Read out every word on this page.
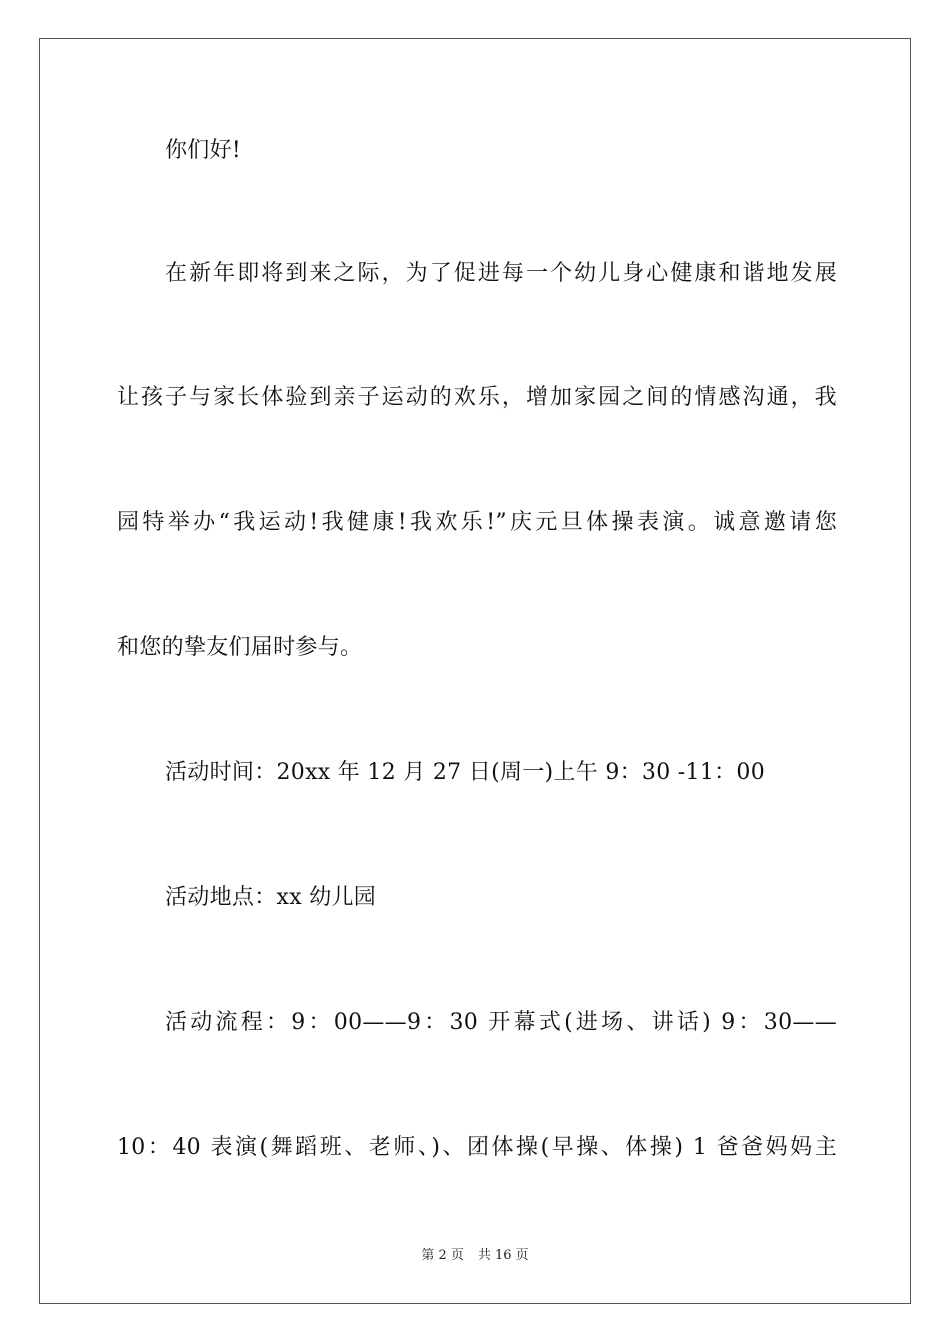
你们好!
在新年即将到来之际，为了促进每一个幼儿身心健康和谐地发展
让孩子与家长体验到亲子运动的欢乐，增加家园之间的情感沟通，我
园特举办“我运动!我健康!我欢乐!”庆元旦体操表演。诚意邀请您
和您的挚友们届时参与。
活动时间：20xx 年 12 月 27 日(周一)上午 9：30 -11：00
活动地点：xx 幼儿园
活动流程：9：00——9：30 开幕式(进场、讲话) 9：30——
10：40 表演(舞蹈班、老师、)、团体操(早操、体操) 1 爸爸妈妈主
第 2 页 共 16 页
